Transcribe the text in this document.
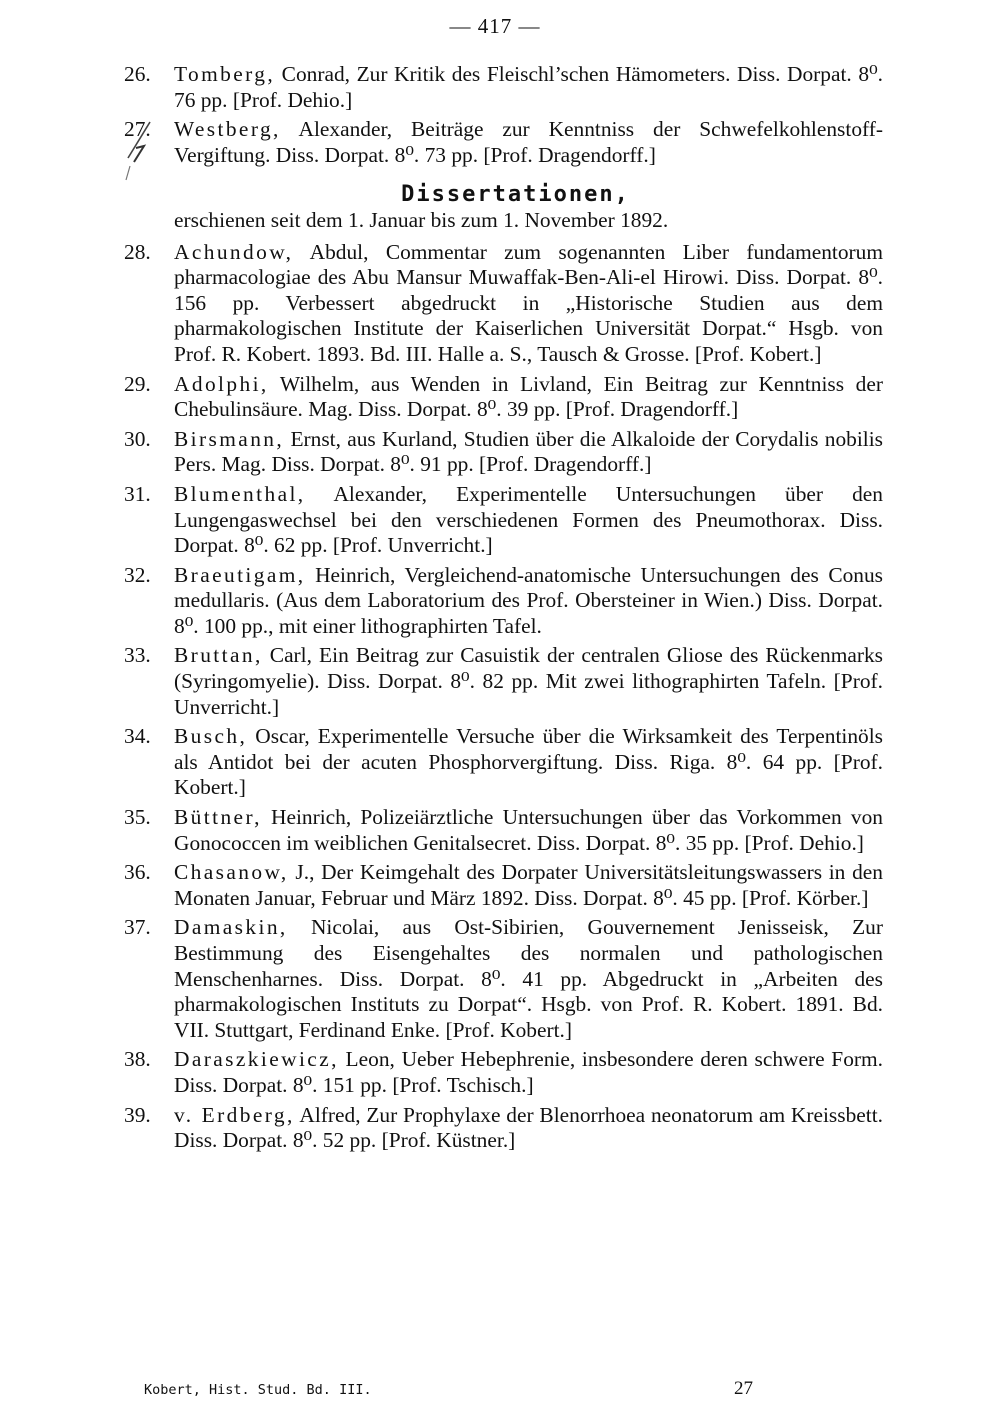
— 417 —
26.	Tomberg, Conrad, Zur Kritik des Fleischl’schen Hämometers. Diss. Dorpat. 8⁰. 76 pp. [Prof. Dehio.]
27.	Westberg, Alexander, Beiträge zur Kenntniss der Schwefelkohlenstoff-Vergiftung. Diss. Dorpat. 8⁰. 73 pp. [Prof. Dragendorff.]
Dissertationen,
erschienen seit dem 1. Januar bis zum 1. November 1892.
28.	Achundow, Abdul, Commentar zum sogenannten Liber fundamentorum pharmacologiae des Abu Mansur Muwaffak-Ben-Ali-el Hirowi. Diss. Dorpat. 8⁰. 156 pp. Verbessert abgedruckt in „Historische Studien aus dem pharmakologischen Institute der Kaiserlichen Universität Dorpat.“ Hsgb. von Prof. R. Kobert. 1893. Bd. III. Halle a. S., Tausch & Grosse. [Prof. Kobert.]
29.	Adolphi, Wilhelm, aus Wenden in Livland, Ein Beitrag zur Kenntniss der Chebulinsäure. Mag. Diss. Dorpat. 8⁰. 39 pp. [Prof. Dragendorff.]
30.	Birsmann, Ernst, aus Kurland, Studien über die Alkaloide der Corydalis nobilis Pers. Mag. Diss. Dorpat. 8⁰. 91 pp. [Prof. Dragendorff.]
31.	Blumenthal, Alexander, Experimentelle Untersuchungen über den Lungengaswechsel bei den verschiedenen Formen des Pneumothorax. Diss. Dorpat. 8⁰. 62 pp. [Prof. Unverricht.]
32.	Braeutigam, Heinrich, Vergleichend-anatomische Untersuchungen des Conus medullaris. (Aus dem Laboratorium des Prof. Obersteiner in Wien.) Diss. Dorpat. 8⁰. 100 pp., mit einer lithographirten Tafel.
33.	Bruttan, Carl, Ein Beitrag zur Casuistik der centralen Gliose des Rückenmarks (Syringomyelie). Diss. Dorpat. 8⁰. 82 pp. Mit zwei lithographirten Tafeln. [Prof. Unverricht.]
34.	Busch, Oscar, Experimentelle Versuche über die Wirksamkeit des Terpentinöls als Antidot bei der acuten Phosphorvergiftung. Diss. Riga. 8⁰. 64 pp. [Prof. Kobert.]
35.	Büttner, Heinrich, Polizeiärztliche Untersuchungen über das Vorkommen von Gonococcen im weiblichen Genitalsecret. Diss. Dorpat. 8⁰. 35 pp. [Prof. Dehio.]
36.	Chasanow, J., Der Keimgehalt des Dorpater Universitätsleitungswassers in den Monaten Januar, Februar und März 1892. Diss. Dorpat. 8⁰. 45 pp. [Prof. Körber.]
37.	Damaskin, Nicolai, aus Ost-Sibirien, Gouvernement Jenisseisk, Zur Bestimmung des Eisengehaltes des normalen und pathologischen Menschenharnes. Diss. Dorpat. 8⁰. 41 pp. Abgedruckt in „Arbeiten des pharmakologischen Instituts zu Dorpat“. Hsgb. von Prof. R. Kobert. 1891. Bd. VII. Stuttgart, Ferdinand Enke. [Prof. Kobert.]
38.	Daraszkiewicz, Leon, Ueber Hebephrenie, insbesondere deren schwere Form. Diss. Dorpat. 8⁰. 151 pp. [Prof. Tschisch.]
39.	v. Erdberg, Alfred, Zur Prophylaxe der Blenorrhoea neonatorum am Kreissbett. Diss. Dorpat. 8⁰. 52 pp. [Prof. Küstner.]
Kobert, Hist. Stud. Bd. III.	27
